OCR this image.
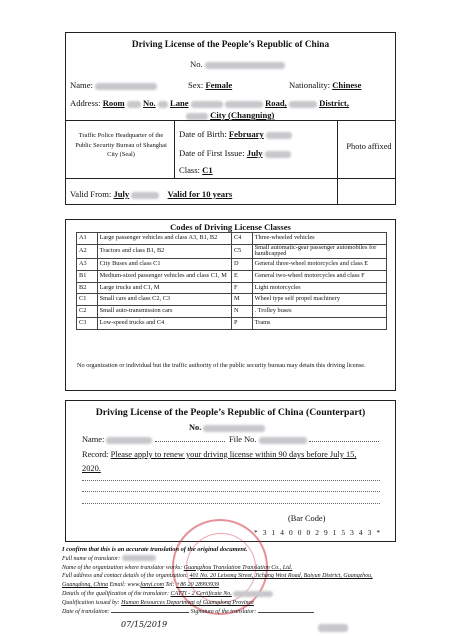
Driving License of the People’s Republic of China
No.
Name:	Sex: Female	Nationality: Chinese
Address: Room No. Lane	Road,	District,
City (Changning)
Traffic Police Headquarter of the Public Security Bureau of Shanghai City (Seal)
Date of Birth: February
Date of First Issue: July
Class: C1
Photo affixed
Valid From: July	Valid for 10 years
Codes of Driving License Classes
A1	Large passenger vehicles and class A3, B1, B2	C4	Three-wheeled vehicles
A2	Tractors and class B1, B2	C5	Small automatic-gear passenger automobiles for handicapped
A3	City Buses and class C1	D	General three-wheel motorcycles and class E
B1	Medium-sized passenger vehicles and class C1, M	E	General two-wheel motorcycles and class F
B2	Large trucks and C1, M	F	Light motorcycles
C1	Small cars and class C2, C3	M	Wheel type self propel machinery
C2	Small auto-transmission cars	N	. Trolley buses
C3	Low-speed trucks and C4	P	Trams
No organization or individual but the traffic authority of the public security bureau may detain this driving license.
Driving License of the People’s Republic of China (Counterpart)
No.
Name:	File No.
Record: Please apply to renew your driving license within 90 days before July 15,
2020.
(Bar Code)
* 3 1 4 0 0 0 2 9 1 5 3 4 3 *
I confirm that this is an accurate translation of the original document.
Full name of translator:
Name of the organization where translator works: Guangzhou Translation Translation Co., Ltd.
Full address and contact details of the organization: 401 No. 20 Leisong Street, Jichang West Road, Baiyun District, Guangzhou, Guangdong, China Email: www.fanyi.com Tel: +86 20 28993939
Details of the qualification of the translator: CATTI - 2 Certificate No.
Qualification issued by: Human Resources Department of Guangdong Province
Date of translation:	Signature of the translator:
07/15/2019
